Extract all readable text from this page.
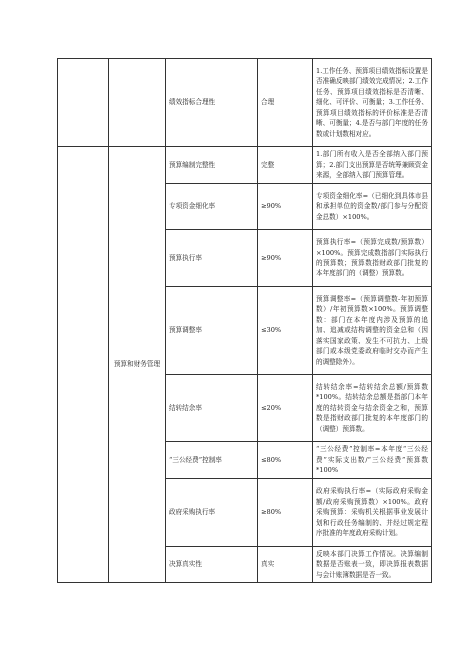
		绩效指标合理性	合理	1.工作任务、预算项目绩效指标设置是否准确反映部门绩效完成情况；2.工作任务、预算项目绩效指标是否清晰、细化、可评价、可衡量；3.工作任务、预算项目绩效指标的评价标准是否清晰、可衡量；4.是否与部门年度的任务数或计划数相对应。
	预算和财务管理	预算编制完整性	完整	1.部门所有收入是否全部纳入部门预算；2.部门支出预算是否统筹兼顾资金来源，全部纳入部门预算管理。
		专项资金细化率	≥90%	专项资金细化率=（已细化到具体市县和承担单位的资金数/部门参与分配资金总数）×100%。
		预算执行率	≥90%	预算执行率=（预算完成数/预算数）×100%。预算完成数指部门实际执行的预算数；预算数指财政部门批复的本年度部门的（调整）预算数。
		预算调整率	≤30%	预算调整率=（预算调整数-年初预算数）/年初预算数×100%。预算调整数：部门在本年度内涉及预算的追加、追减或结构调整的资金总和（因落实国家政策、发生不可抗力、上级部门或本级党委政府临时交办而产生的调整除外）。
		结转结余率	≤20%	结转结余率=结转结余总额/预算数*100%。结转结余总额是指部门本年度的结转资金与结余资金之和，预算数是指财政部门批复的本年度部门的（调整）预算数。
		“三公经费”控制率	≤80%	“三公经费”控制率=本年度“三公经费”实际支出数/“三公经费”预算数*100%
		政府采购执行率	≥80%	政府采购执行率=（实际政府采购金额/政府采购预算数）×100%。政府采购预算：采购机关根据事业发展计划和行政任务编制的、并经过规定程序批准的年度政府采购计划。
		决算真实性	真实	反映本部门决算工作情况。决算编制数据是否账表一致，即决算报表数据与会计账簿数据是否一致。
